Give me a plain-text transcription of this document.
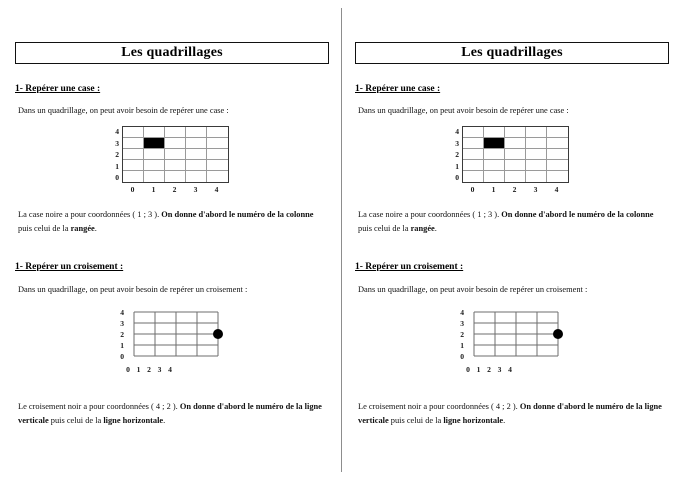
Les quadrillages
1- Repérer une case :
Dans un quadrillage, on peut avoir besoin de repérer une case :
4
3
2
1
0
0	1	2	3	4
La case noire a pour coordonnées ( 1 ; 3 ). On donne d'abord le numéro de la colonne puis celui de la rangée.
1- Repérer un croisement :
Dans un quadrillage, on peut avoir besoin de repérer un croisement :
4
3
2
1
0
0 1 2 3 4
Le croisement noir a pour coordonnées ( 4 ; 2 ). On donne d'abord le numéro de la ligne verticale puis celui de la ligne horizontale.
Les quadrillages
1- Repérer une case :
Dans un quadrillage, on peut avoir besoin de repérer une case :
4
3
2
1
0
0	1	2	3	4
La case noire a pour coordonnées ( 1 ; 3 ). On donne d'abord le numéro de la colonne puis celui de la rangée.
1- Repérer un croisement :
Dans un quadrillage, on peut avoir besoin de repérer un croisement :
4
3
2
1
0
0 1 2 3 4
Le croisement noir a pour coordonnées ( 4 ; 2 ). On donne d'abord le numéro de la ligne verticale puis celui de la ligne horizontale.
